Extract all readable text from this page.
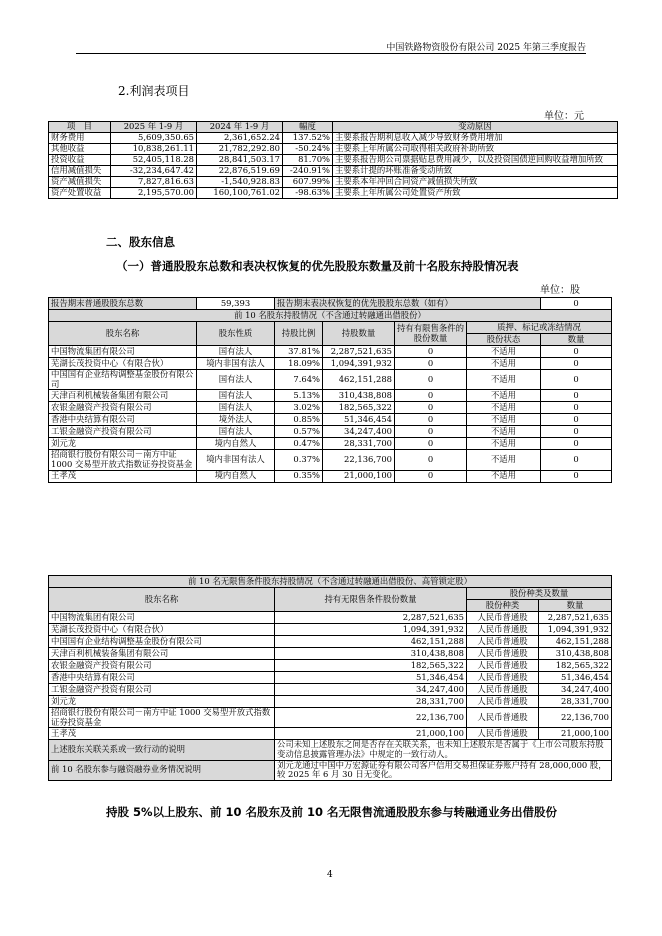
中国铁路物资股份有限公司 2025 年第三季度报告
2.利润表项目
单位：元
项　目	2025 年 1-9 月	2024 年 1-9 月	幅度	变动原因
财务费用	5,609,350.65	2,361,652.24	137.52%	主要系报告期利息收入减少导致财务费用增加
其他收益	10,838,261.11	21,782,292.80	-50.24%	主要系上年所属公司取得相关政府补助所致
投资收益	52,405,118.28	28,841,503.17	81.70%	主要系报告期公司票据贴息费用减少，以及投资国债逆回购收益增加所致
信用减值损失	-32,234,647.42	22,876,519.69	-240.91%	主要系计提的坏账准备变动所致
资产减值损失	7,827,816.63	-1,540,928.83	607.99%	主要系本年冲回合同资产减值损失所致
资产处置收益	2,195,570.00	160,100,761.02	-98.63%	主要系上年所属公司处置资产所致
二、股东信息
（一）普通股股东总数和表决权恢复的优先股股东数量及前十名股东持股情况表
单位：股
报告期末普通股股东总数	59,393	报告期末表决权恢复的优先股股东总数（如有）				0
前 10 名股东持股情况（不含通过转融通出借股份）						
股东名称	股东性质	持股比例	持股数量	持有有限售条件的股份数量	质押、标记或冻结情况	
					股份状态	数量
中国物流集团有限公司	国有法人	37.81%	2,287,521,635	0	不适用	0
芜湖长茂投资中心（有限合伙）	境内非国有法人	18.09%	1,094,391,932	0	不适用	0
中国国有企业结构调整基金股份有限公司	国有法人	7.64%	462,151,288	0	不适用	0
天津百利机械装备集团有限公司	国有法人	5.13%	310,438,808	0	不适用	0
农银金融资产投资有限公司	国有法人	3.02%	182,565,322	0	不适用	0
香港中央结算有限公司	境外法人	0.85%	51,346,454	0	不适用	0
工银金融资产投资有限公司	国有法人	0.57%	34,247,400	0	不适用	0
刘元龙	境内自然人	0.47%	28,331,700	0	不适用	0
招商银行股份有限公司－南方中证 1000 交易型开放式指数证券投资基金	境内非国有法人	0.37%	22,136,700	0	不适用	0
王孝茂	境内自然人	0.35%	21,000,100	0	不适用	0
前 10 名无限售条件股东持股情况（不含通过转融通出借股份、高管锁定股）			
股东名称	持有无限售条件股份数量	股份种类及数量	
		股份种类	数量
中国物流集团有限公司	2,287,521,635	人民币普通股	2,287,521,635
芜湖长茂投资中心（有限合伙）	1,094,391,932	人民币普通股	1,094,391,932
中国国有企业结构调整基金股份有限公司	462,151,288	人民币普通股	462,151,288
天津百利机械装备集团有限公司	310,438,808	人民币普通股	310,438,808
农银金融资产投资有限公司	182,565,322	人民币普通股	182,565,322
香港中央结算有限公司	51,346,454	人民币普通股	51,346,454
工银金融资产投资有限公司	34,247,400	人民币普通股	34,247,400
刘元龙	28,331,700	人民币普通股	28,331,700
招商银行股份有限公司－南方中证 1000 交易型开放式指数证券投资基金	22,136,700	人民币普通股	22,136,700
王孝茂	21,000,100	人民币普通股	21,000,100
上述股东关联关系或一致行动的说明	公司未知上述股东之间是否存在关联关系，也未知上述股东是否属于《上市公司股东持股变动信息披露管理办法》中规定的一致行动人。		
前 10 名股东参与融资融券业务情况说明	刘元龙通过中国中万宏源证券有限公司客户信用交易担保证券账户持有 28,000,000 股，较 2025 年 6 月 30 日无变化。		
持股 5%以上股东、前 10 名股东及前 10 名无限售流通股股东参与转融通业务出借股份
4
